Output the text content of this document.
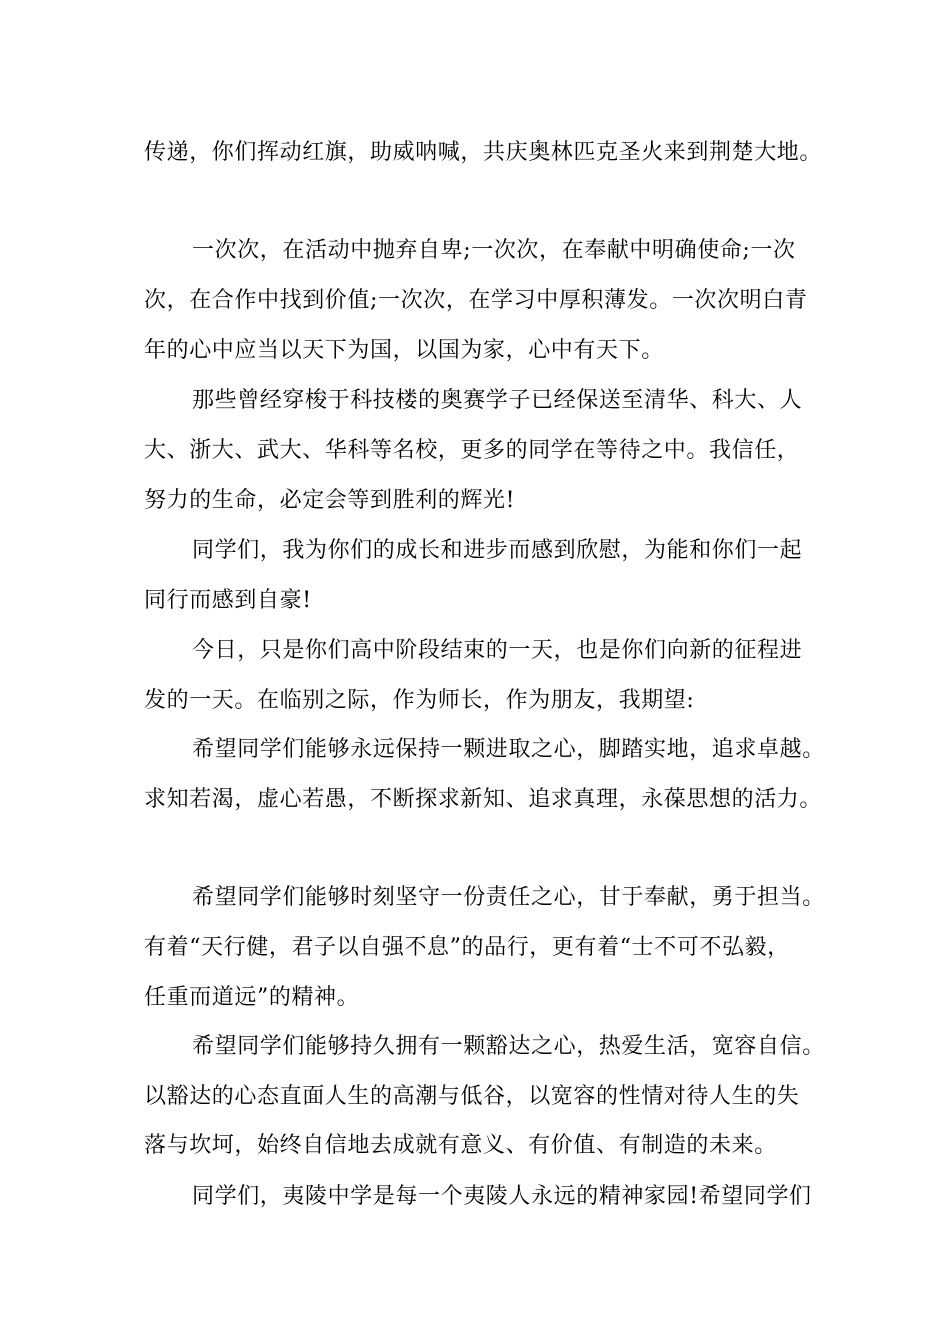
传递，你们挥动红旗，助威呐喊，共庆奥林匹克圣火来到荆楚大地。
一次次，在活动中抛弃自卑;一次次，在奉献中明确使命;一次
次，在合作中找到价值;一次次，在学习中厚积薄发。一次次明白青
年的心中应当以天下为国，以国为家，心中有天下。
那些曾经穿梭于科技楼的奥赛学子已经保送至清华、科大、人
大、浙大、武大、华科等名校，更多的同学在等待之中。我信任，
努力的生命，必定会等到胜利的辉光!
同学们，我为你们的成长和进步而感到欣慰，为能和你们一起
同行而感到自豪!
今日，只是你们高中阶段结束的一天，也是你们向新的征程进
发的一天。在临别之际，作为师长，作为朋友，我期望:
希望同学们能够永远保持一颗进取之心，脚踏实地，追求卓越。
求知若渴，虚心若愚，不断探求新知、追求真理，永葆思想的活力。
希望同学们能够时刻坚守一份责任之心，甘于奉献，勇于担当。
有着“天行健，君子以自强不息”的品行，更有着“士不可不弘毅，
任重而道远”的精神。
希望同学们能够持久拥有一颗豁达之心，热爱生活，宽容自信。
以豁达的心态直面人生的高潮与低谷，以宽容的性情对待人生的失
落与坎坷，始终自信地去成就有意义、有价值、有制造的未来。
同学们，夷陵中学是每一个夷陵人永远的精神家园!希望同学们
